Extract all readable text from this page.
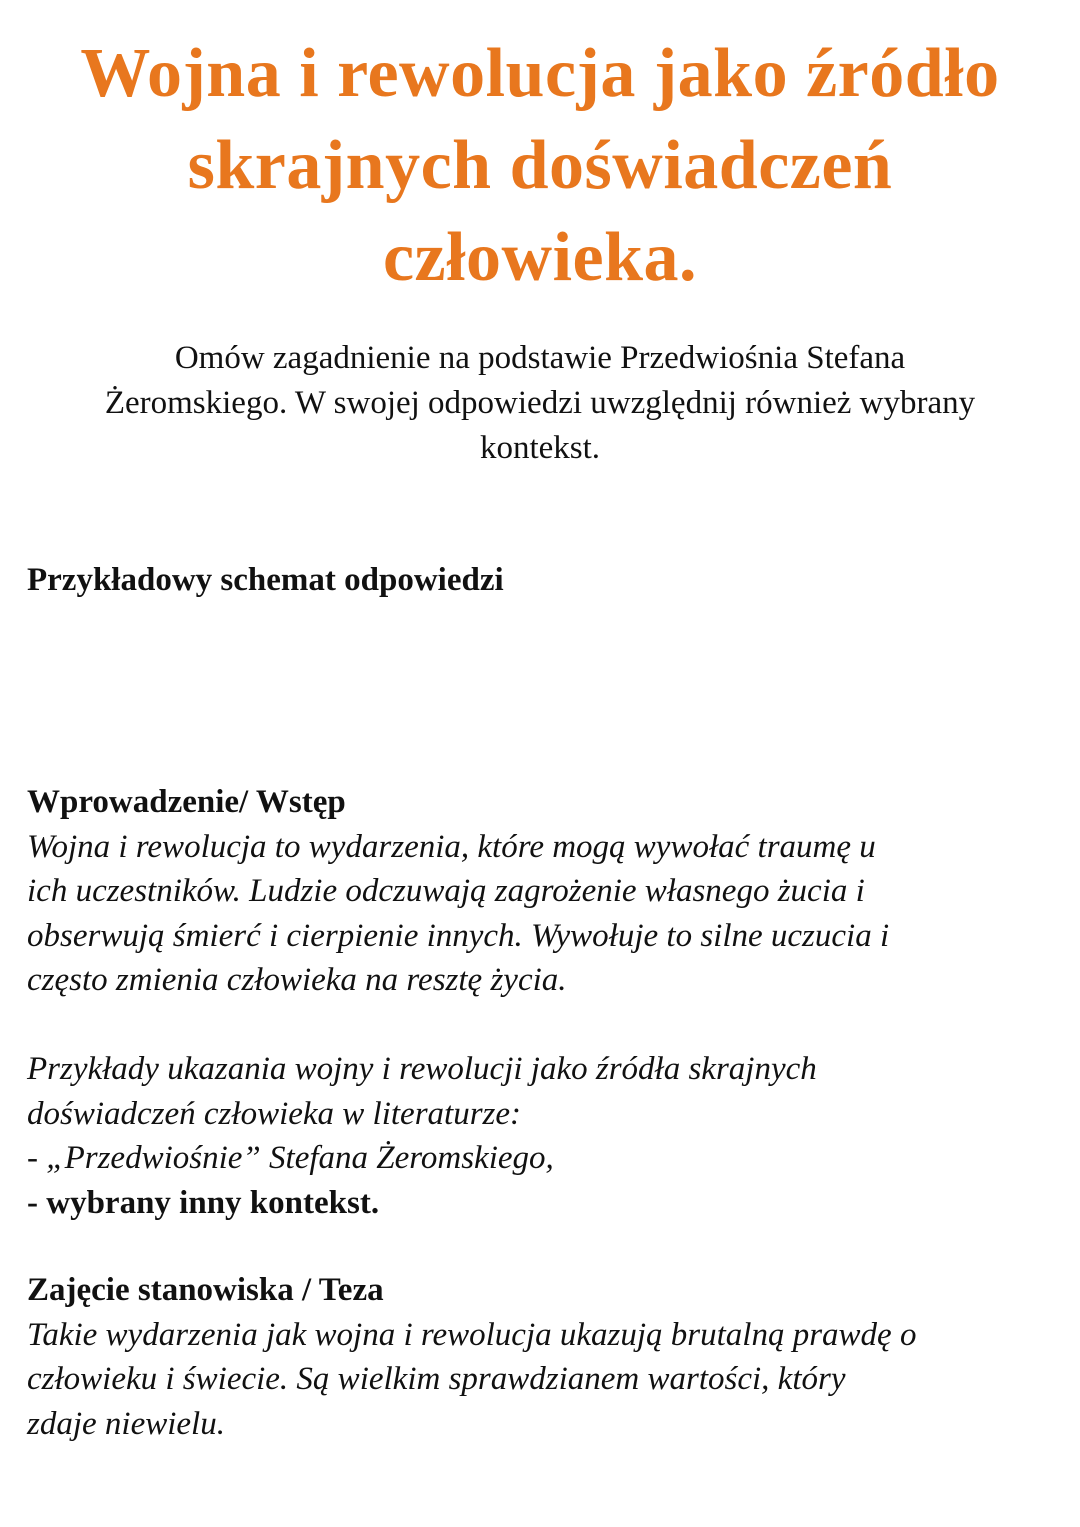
Wojna i rewolucja jako źródło
skrajnych doświadczeń
człowieka.
Omów zagadnienie na podstawie Przedwiośnia Stefana
Żeromskiego. W swojej odpowiedzi uwzględnij również wybrany
kontekst.
Przykładowy schemat odpowiedzi
Wprowadzenie/ Wstęp
Wojna i rewolucja to wydarzenia, które mogą wywołać traumę u
ich uczestników. Ludzie odczuwają zagrożenie własnego żucia i
obserwują śmierć i cierpienie innych. Wywołuje to silne uczucia i
często zmienia człowieka na resztę życia.
Przykłady ukazania wojny i rewolucji jako źródła skrajnych
doświadczeń człowieka w literaturze:
- „Przedwiośnie” Stefana Żeromskiego,
- wybrany inny kontekst.
Zajęcie stanowiska / Teza
Takie wydarzenia jak wojna i rewolucja ukazują brutalną prawdę o
człowieku i świecie. Są wielkim sprawdzianem wartości, który
zdaje niewielu.
